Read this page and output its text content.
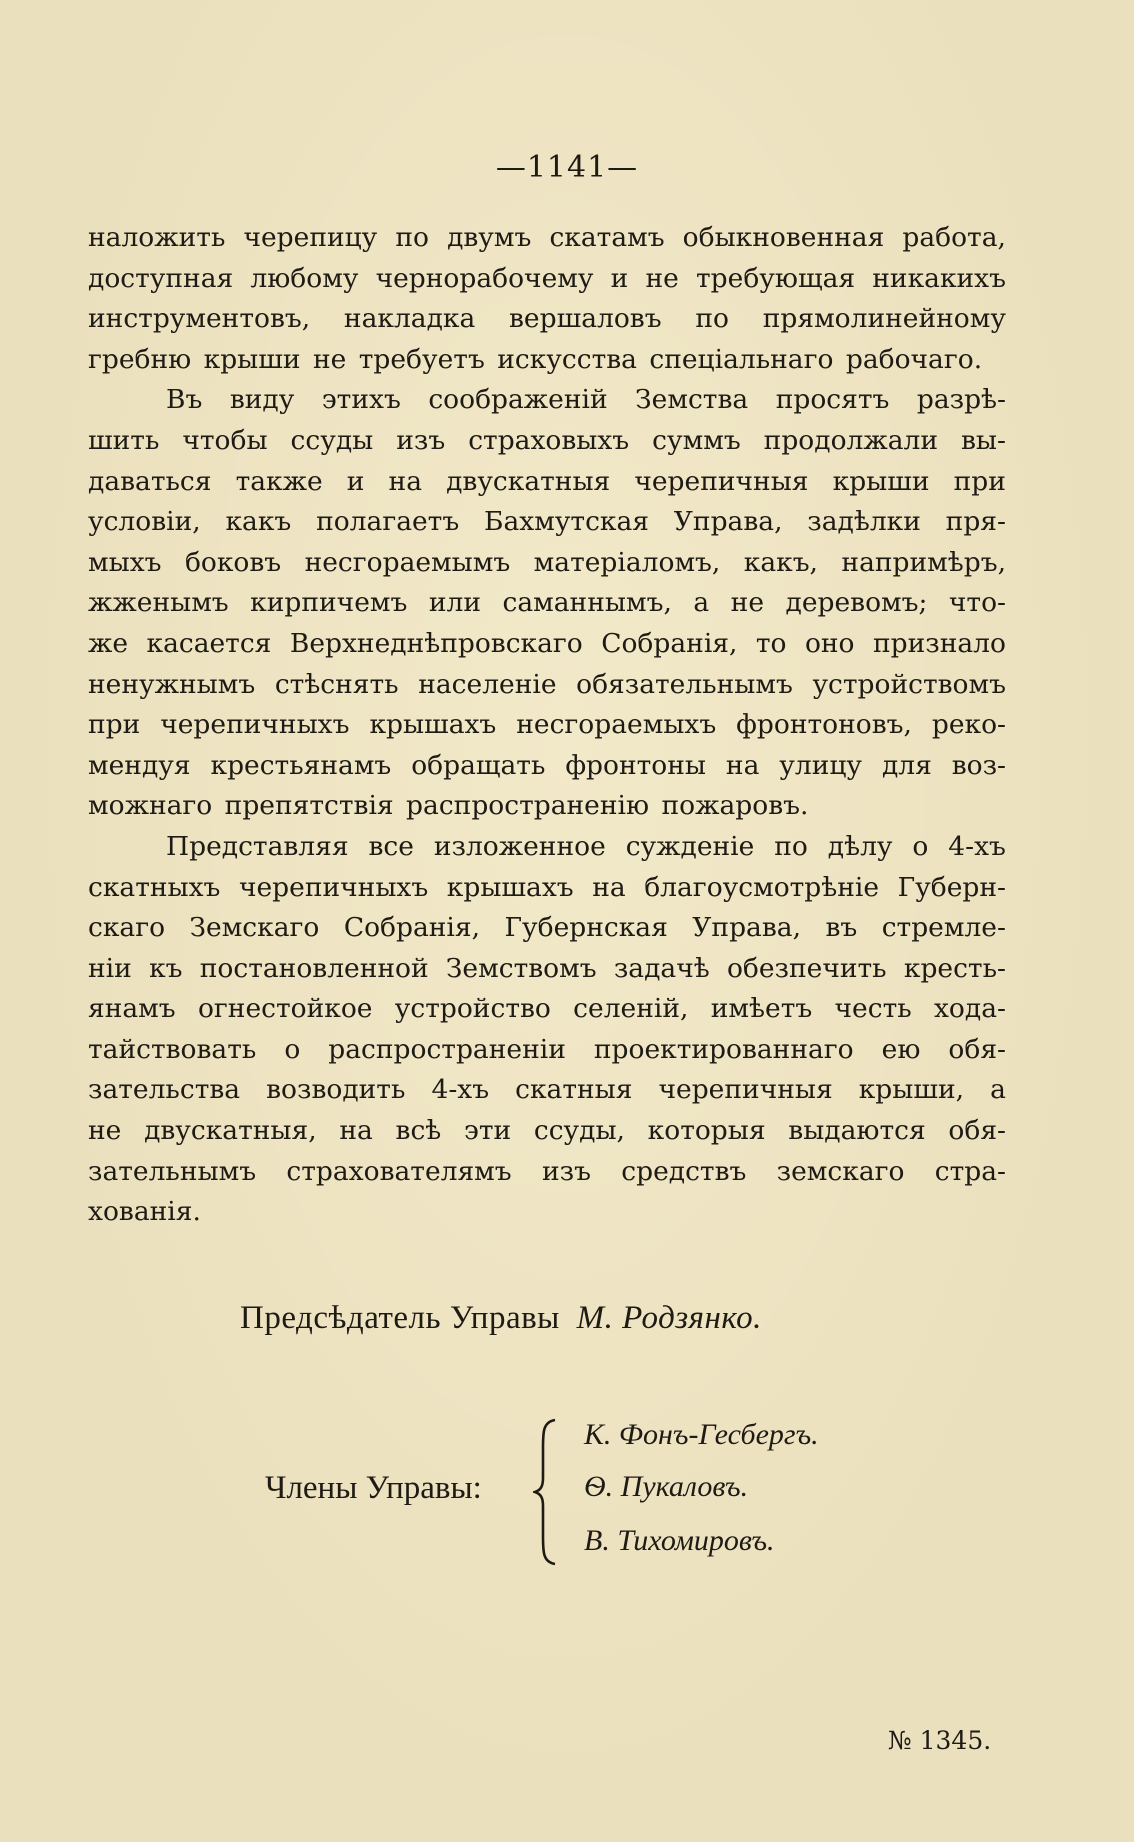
—1141—
наложить черепицу по двумъ скатамъ обыкновенная работа,
доступная любому чернорабочему и не требующая никакихъ
инструментовъ, накладка вершаловъ по прямолинейному
гребню крыши не требуетъ искусства спеціальнаго рабочаго.
Въ виду этихъ соображеній Земства просятъ разрѣ-
шить чтобы ссуды изъ страховыхъ суммъ продолжали вы-
даваться также и на двускатныя черепичныя крыши при
условіи, какъ полагаетъ Бахмутская Управа, задѣлки пря-
мыхъ боковъ несгораемымъ матеріаломъ, какъ, напримѣръ,
жженымъ кирпичемъ или саманнымъ, а не деревомъ; что-
же касается Верхнеднѣпровскаго Собранія, то оно признало
ненужнымъ стѣснять населеніе обязательнымъ устройствомъ
при черепичныхъ крышахъ несгораемыхъ фронтоновъ, реко-
мендуя крестьянамъ обращать фронтоны на улицу для воз-
можнаго препятствія распространенію пожаровъ.
Представляя все изложенное сужденіе по дѣлу о 4-хъ
скатныхъ черепичныхъ крышахъ на благоусмотрѣніе Губерн-
скаго Земскаго Собранія, Губернская Управа, въ стремле-
ніи къ постановленной Земствомъ задачѣ обезпечить кресть-
янамъ огнестойкое устройство селеній, имѣетъ честь хода-
тайствовать о распространеніи проектированнаго ею обя-
зательства возводить 4-хъ скатныя черепичныя крыши, а
не двускатныя, на всѣ эти ссуды, которыя выдаются обя-
зательнымъ страхователямъ изъ средствъ земскаго стра-
хованія.
Предсѣдатель Управы М. Родзянко.
Члены Управы:
К. Фонъ-Гесбергъ.
Ѳ. Пукаловъ.
В. Тихомировъ.
№ 1345.
